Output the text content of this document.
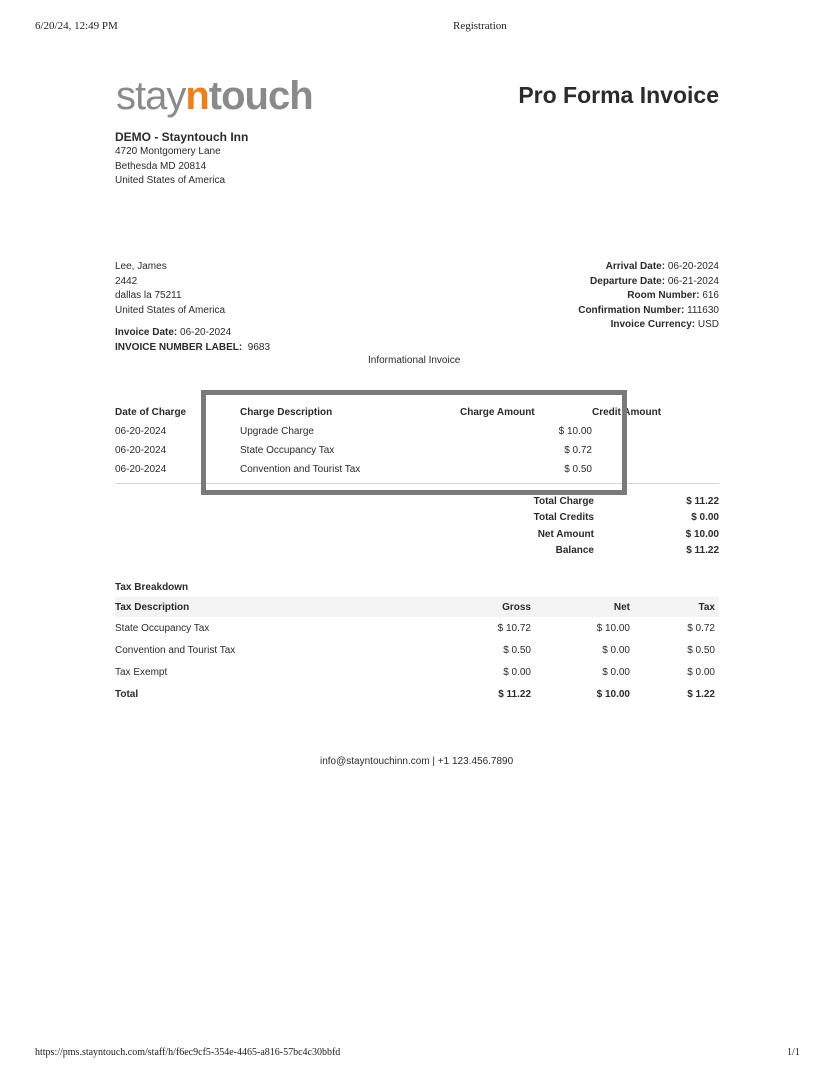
6/20/24, 12:49 PM	Registration
stayntouch	Pro Forma Invoice
DEMO - Stayntouch Inn
4720 Montgomery Lane
Bethesda MD 20814
United States of America
Lee, James
2442
dallas la 75211
United States of America
Invoice Date: 06-20-2024
INVOICE NUMBER LABEL: 9683
Arrival Date: 06-20-2024
Departure Date: 06-21-2024
Room Number: 616
Confirmation Number: 111630
Invoice Currency: USD
Informational Invoice
Date of Charge	Charge Description	Charge Amount	Credit Amount
06-20-2024	Upgrade Charge	$ 10.00	
06-20-2024	State Occupancy Tax	$ 0.72	
06-20-2024	Convention and Tourist Tax	$ 0.50	

Total Charge	$ 11.22
Total Credits	$ 0.00
Net Amount	$ 10.00
Balance	$ 11.22
Tax Breakdown
Tax Description	Gross	Net	Tax
State Occupancy Tax	$ 10.72	$ 10.00	$ 0.72
Convention and Tourist Tax	$ 0.50	$ 0.00	$ 0.50
Tax Exempt	$ 0.00	$ 0.00	$ 0.00
Total	$ 11.22	$ 10.00	$ 1.22
info@stayntouchinn.com | +1 123.456.7890
https://pms.stayntouch.com/staff/h/f6ec9cf5-354e-4465-a816-57bc4c30bbfd	1/1
